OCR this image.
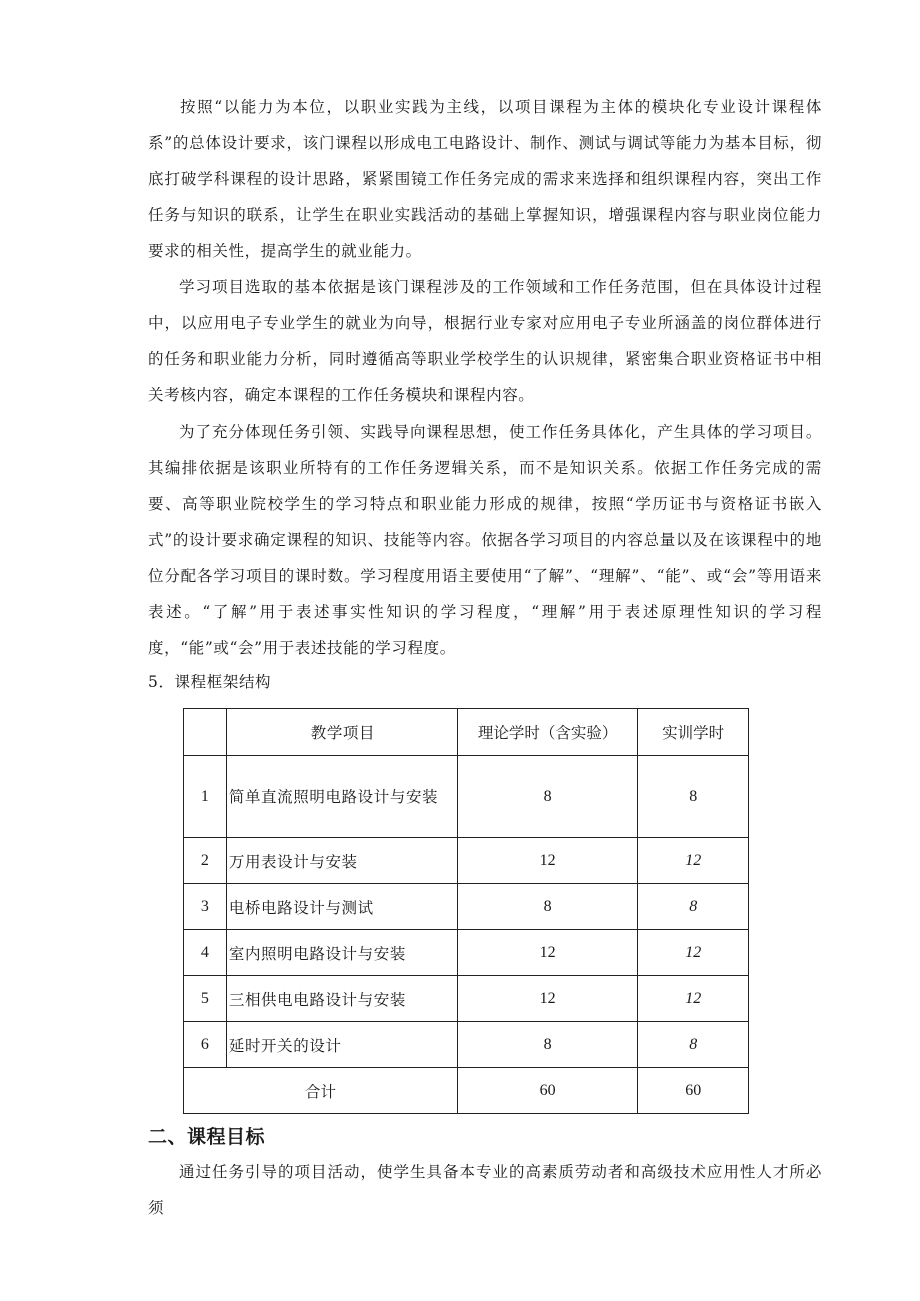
按照“以能力为本位，以职业实践为主线，以项目课程为主体的模块化专业设计课程体系”的总体设计要求，该门课程以形成电工电路设计、制作、测试与调试等能力为基本目标，彻底打破学科课程的设计思路，紧紧围镜工作任务完成的需求来选择和组织课程内容，突出工作任务与知识的联系，让学生在职业实践活动的基础上掌握知识，增强课程内容与职业岗位能力要求的相关性，提高学生的就业能力。

学习项目选取的基本依据是该门课程涉及的工作领域和工作任务范围，但在具体设计过程中，以应用电子专业学生的就业为向导，根据行业专家对应用电子专业所涵盖的岗位群体进行的任务和职业能力分析，同时遵循高等职业学校学生的认识规律，紧密集合职业资格证书中相关考核内容，确定本课程的工作任务模块和课程内容。

为了充分体现任务引领、实践导向课程思想，使工作任务具体化，产生具体的学习项目。其编排依据是该职业所特有的工作任务逻辑关系，而不是知识关系。依据工作任务完成的需要、高等职业院校学生的学习特点和职业能力形成的规律，按照“学历证书与资格证书嵌入式”的设计要求确定课程的知识、技能等内容。依据各学习项目的内容总量以及在该课程中的地位分配各学习项目的课时数。学习程度用语主要使用“了解”、“理解”、“能”、或“会”等用语来表述。“了解”用于表述事实性知识的学习程度，“理解”用于表述原理性知识的学习程度，“能”或“会”用于表述技能的学习程度。

5．课程框架结构
	教学项目	理论学时（含实验）	实训学时
1	简单直流照明电路设计与安装	8	8
2	万用表设计与安装	12	12
3	电桥电路设计与测试	8	8
4	室内照明电路设计与安装	12	12
5	三相供电电路设计与安装	12	12
6	延时开关的设计	8	8
合计		60	60
二、课程目标

通过任务引导的项目活动，使学生具备本专业的高素质劳动者和高级技术应用性人才所必须
